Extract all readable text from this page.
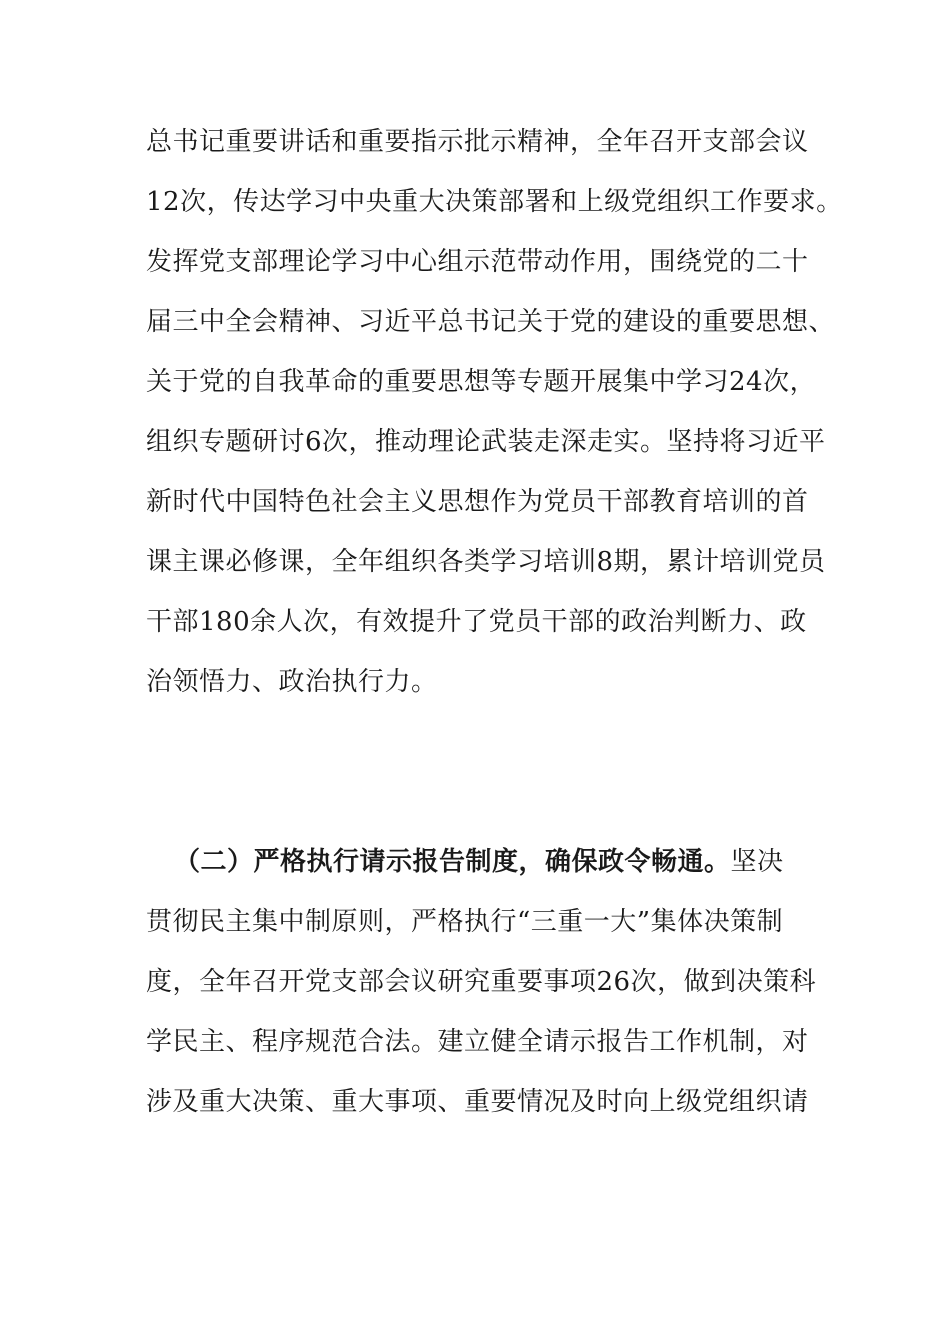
总书记重要讲话和重要指示批示精神，全年召开支部会议

12次，传达学习中央重大决策部署和上级党组织工作要求。

发挥党支部理论学习中心组示范带动作用，围绕党的二十

届三中全会精神、习近平总书记关于党的建设的重要思想、

关于党的自我革命的重要思想等专题开展集中学习24次，

组织专题研讨6次，推动理论武装走深走实。坚持将习近平

新时代中国特色社会主义思想作为党员干部教育培训的首

课主课必修课，全年组织各类学习培训8期，累计培训党员

干部180余人次，有效提升了党员干部的政治判断力、政

治领悟力、政治执行力。

（二）严格执行请示报告制度，确保政令畅通。坚决

贯彻民主集中制原则，严格执行“三重一大”集体决策制

度，全年召开党支部会议研究重要事项26次，做到决策科

学民主、程序规范合法。建立健全请示报告工作机制，对

涉及重大决策、重大事项、重要情况及时向上级党组织请
